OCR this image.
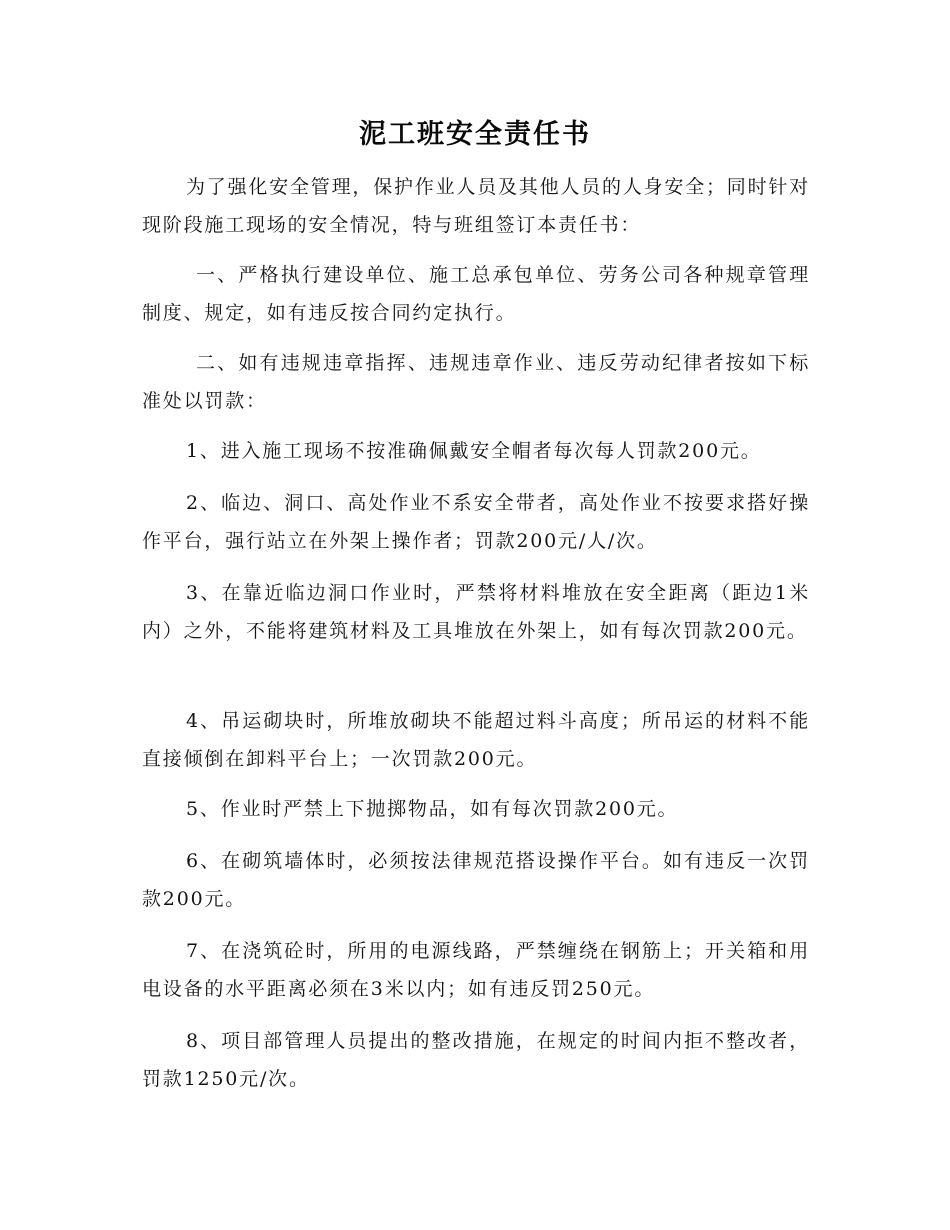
泥工班安全责任书

为了强化安全管理，保护作业人员及其他人员的人身安全；同时针对现阶段施工现场的安全情况，特与班组签订本责任书：

一、严格执行建设单位、施工总承包单位、劳务公司各种规章管理制度、规定，如有违反按合同约定执行。

二、如有违规违章指挥、违规违章作业、违反劳动纪律者按如下标准处以罚款：

1、进入施工现场不按准确佩戴安全帽者每次每人罚款200元。

2、临边、洞口、高处作业不系安全带者，高处作业不按要求搭好操作平台，强行站立在外架上操作者；罚款200元/人/次。

3、在靠近临边洞口作业时，严禁将材料堆放在安全距离（距边1米内）之外，不能将建筑材料及工具堆放在外架上，如有每次罚款200元。

4、吊运砌块时，所堆放砌块不能超过料斗高度；所吊运的材料不能直接倾倒在卸料平台上；一次罚款200元。

5、作业时严禁上下抛掷物品，如有每次罚款200元。

6、在砌筑墙体时，必须按法律规范搭设操作平台。如有违反一次罚款200元。

7、在浇筑砼时，所用的电源线路，严禁缠绕在钢筋上；开关箱和用电设备的水平距离必须在3米以内；如有违反罚250元。

8、项目部管理人员提出的整改措施，在规定的时间内拒不整改者，罚款1250元/次。
